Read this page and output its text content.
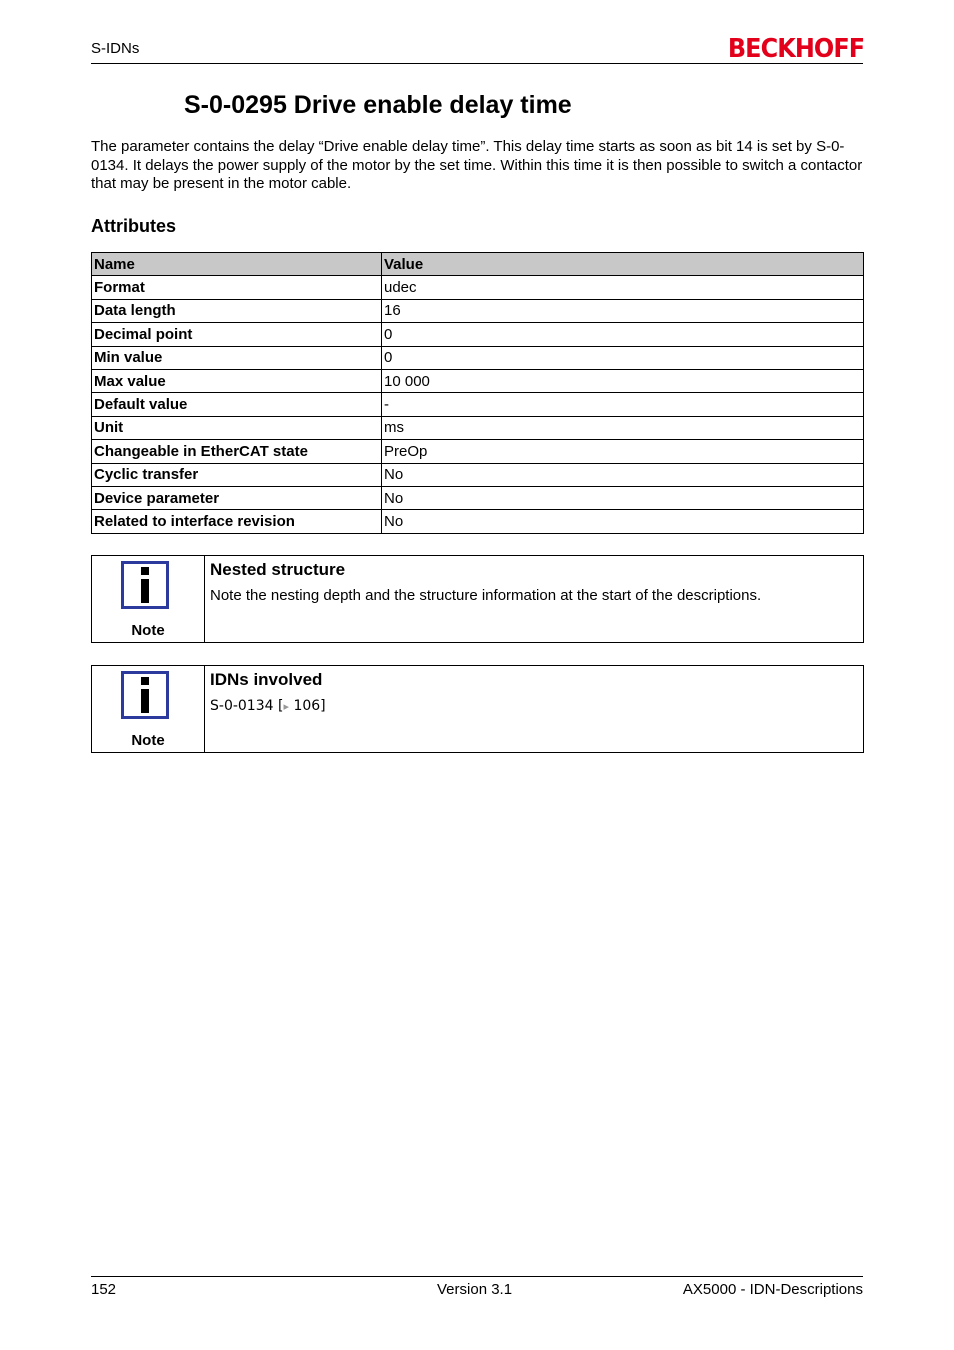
S-IDNs	BECKHOFF
S-0-0295 Drive enable delay time

The parameter contains the delay “Drive enable delay time”. This delay time starts as soon as bit 14 is set by S-0-0134. It delays the power supply of the motor by the set time. Within this time it is then possible to switch a contactor that may be present in the motor cable.

Attributes
Name	Value
Format	udec
Data length	16
Decimal point	0
Min value	0
Max value	10 000
Default value	-
Unit	ms
Changeable in EtherCAT state	PreOp
Cyclic transfer	No
Device parameter	No
Related to interface revision	No
Note
Nested structure
Note the nesting depth and the structure information at the start of the descriptions.
Note
IDNs involved
S-0-0134 [▸ 106]
152	Version 3.1	AX5000 - IDN-Descriptions
